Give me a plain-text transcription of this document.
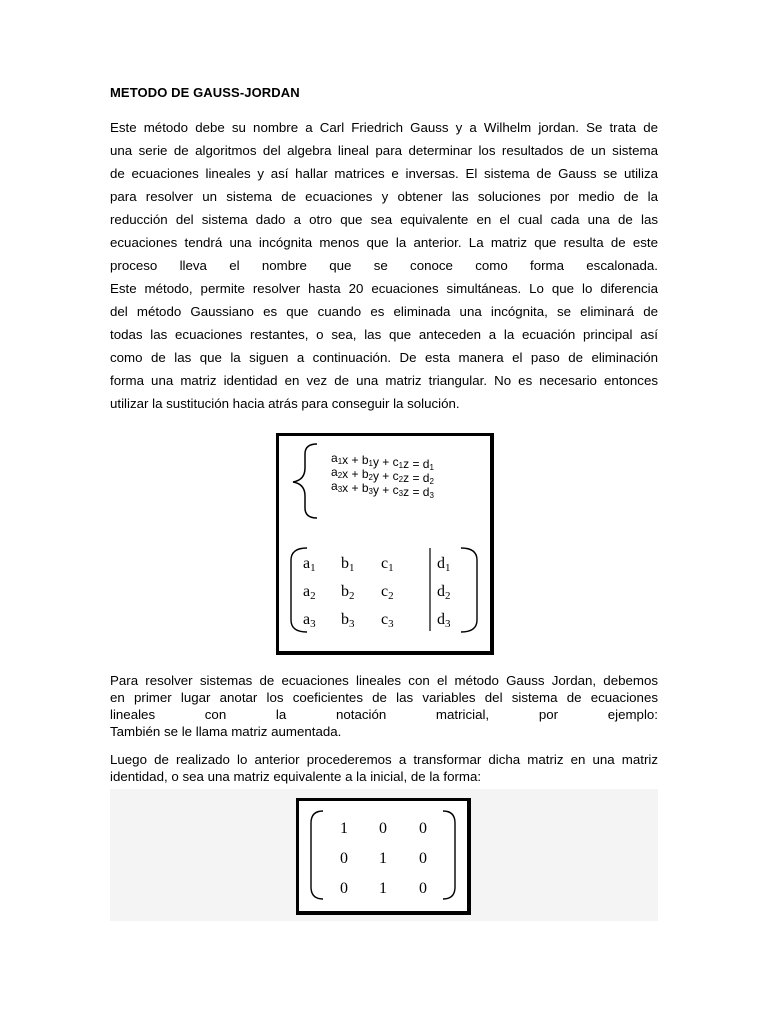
METODO DE GAUSS-JORDAN

Este método debe su nombre a Carl Friedrich Gauss y a Wilhelm jordan. Se trata de
una serie de algoritmos del algebra lineal para determinar los resultados de un sistema
de ecuaciones lineales y así hallar matrices e inversas. El sistema de Gauss se utiliza
para resolver un sistema de ecuaciones y obtener las soluciones por medio de la
reducción del sistema dado a otro que sea equivalente en el cual cada una de las
ecuaciones tendrá una incógnita menos que la anterior. La matriz que resulta de este
proceso lleva el nombre que se conoce como forma escalonada.
Este método, permite resolver hasta 20 ecuaciones simultáneas. Lo que lo diferencia
del método Gaussiano es que cuando es eliminada una incógnita, se eliminará de
todas las ecuaciones restantes, o sea, las que anteceden a la ecuación principal así
como de las que la siguen a continuación. De esta manera el paso de eliminación
forma una matriz identidad en vez de una matriz triangular. No es necesario entonces
utilizar la sustitución hacia atrás para conseguir la solución.

Para resolver sistemas de ecuaciones lineales con el método Gauss Jordan, debemos
en primer lugar anotar los coeficientes de las variables del sistema de ecuaciones
lineales con la notación matricial, por ejemplo:
También se le llama matriz aumentada.

Luego de realizado lo anterior procederemos a transformar dicha matriz en una matriz
identidad, o sea una matriz equivalente a la inicial, de la forma:

a1x + b1y + c1z = d1
a2x + b2y + c2z = d2
a3x + b3y + c3z = d3
a1 b1 c1	d1
a2 b2 c2	d2
a3 b3 c3	d3
1 0 0
0 1 0
0 1 0
